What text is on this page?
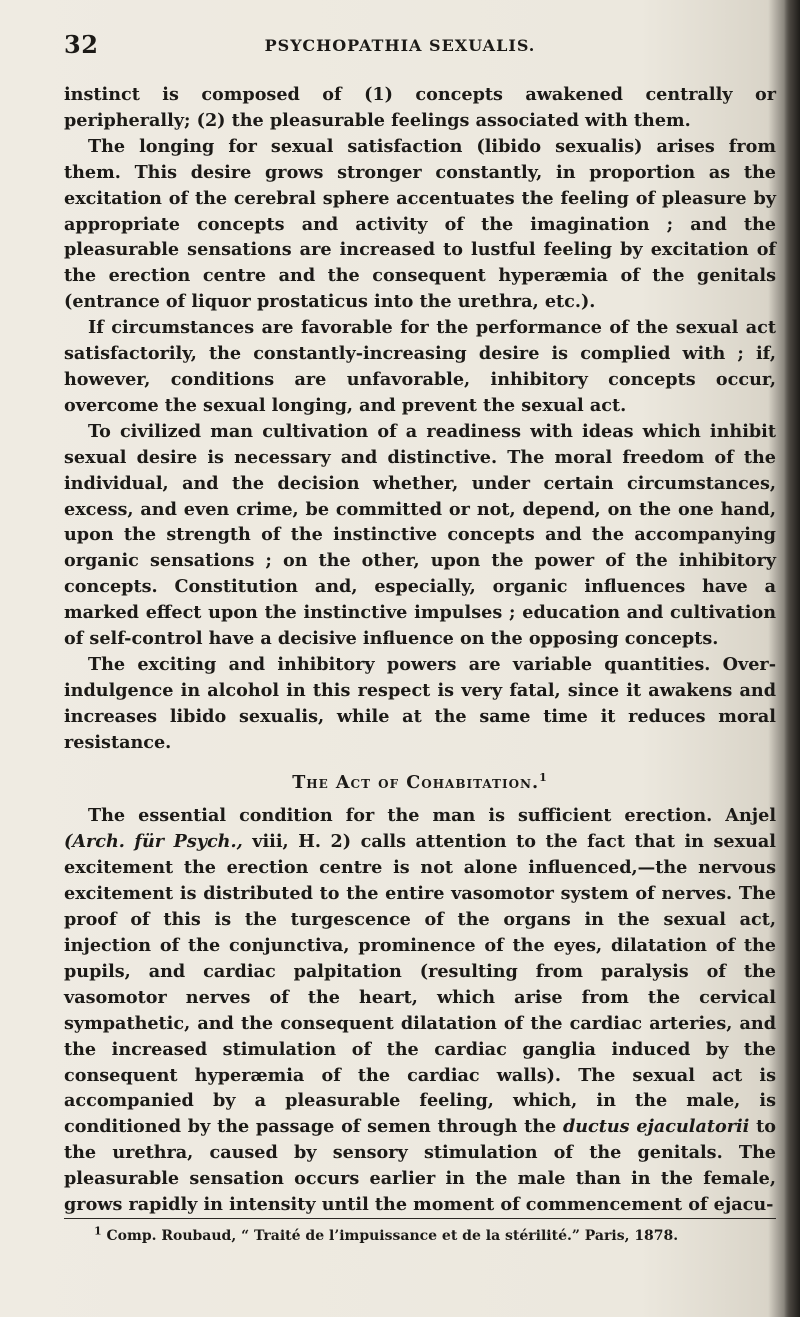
32	PSYCHOPATHIA SEXUALIS.

instinct is composed of (1) concepts awakened centrally or peripherally; (2) the pleasurable feelings associated with them.

The longing for sexual satisfaction (libido sexualis) arises from them. This desire grows stronger constantly, in proportion as the excitation of the cerebral sphere accentuates the feeling of pleasure by appropriate concepts and activity of the imagination ; and the pleasurable sensations are increased to lustful feeling by excitation of the erection centre and the consequent hyperæmia of the genitals (entrance of liquor prostaticus into the urethra, etc.).

If circumstances are favorable for the performance of the sexual act satisfactorily, the constantly-increasing desire is complied with ; if, however, conditions are unfavorable, inhibitory concepts occur, overcome the sexual longing, and prevent the sexual act.

To civilized man cultivation of a readiness with ideas which inhibit sexual desire is necessary and distinctive. The moral freedom of the individual, and the decision whether, under certain circumstances, excess, and even crime, be committed or not, depend, on the one hand, upon the strength of the instinctive concepts and the accompanying organic sensations ; on the other, upon the power of the inhibitory concepts. Constitution and, especially, organic influences have a marked effect upon the instinctive impulses ; education and cultivation of self-control have a decisive influence on the opposing concepts.

The exciting and inhibitory powers are variable quantities. Over-indulgence in alcohol in this respect is very fatal, since it awakens and increases libido sexualis, while at the same time it reduces moral resistance.

The Act of Cohabitation.$^1$

The essential condition for the man is sufficient erection. Anjel (Arch. für Psych., viii, H. 2) calls attention to the fact that in sexual excitement the erection centre is not alone influenced,—the nervous excitement is distributed to the entire vasomotor system of nerves. The proof of this is the turgescence of the organs in the sexual act, injection of the conjunctiva, prominence of the eyes, dilatation of the pupils, and cardiac palpitation (resulting from paralysis of the vasomotor nerves of the heart, which arise from the cervical sympathetic, and the consequent dilatation of the cardiac arteries, and the increased stimulation of the cardiac ganglia induced by the consequent hyperæmia of the cardiac walls). The sexual act is accompanied by a pleasurable feeling, which, in the male, is conditioned by the passage of semen through the ductus ejaculatorii to the urethra, caused by sensory stimulation of the genitals. The pleasurable sensation occurs earlier in the male than in the female, grows rapidly in intensity until the moment of commencement of ejacu-

$^1$ Comp. Roubaud, “ Traité de l’impuissance et de la stérilité.” Paris, 1878.
